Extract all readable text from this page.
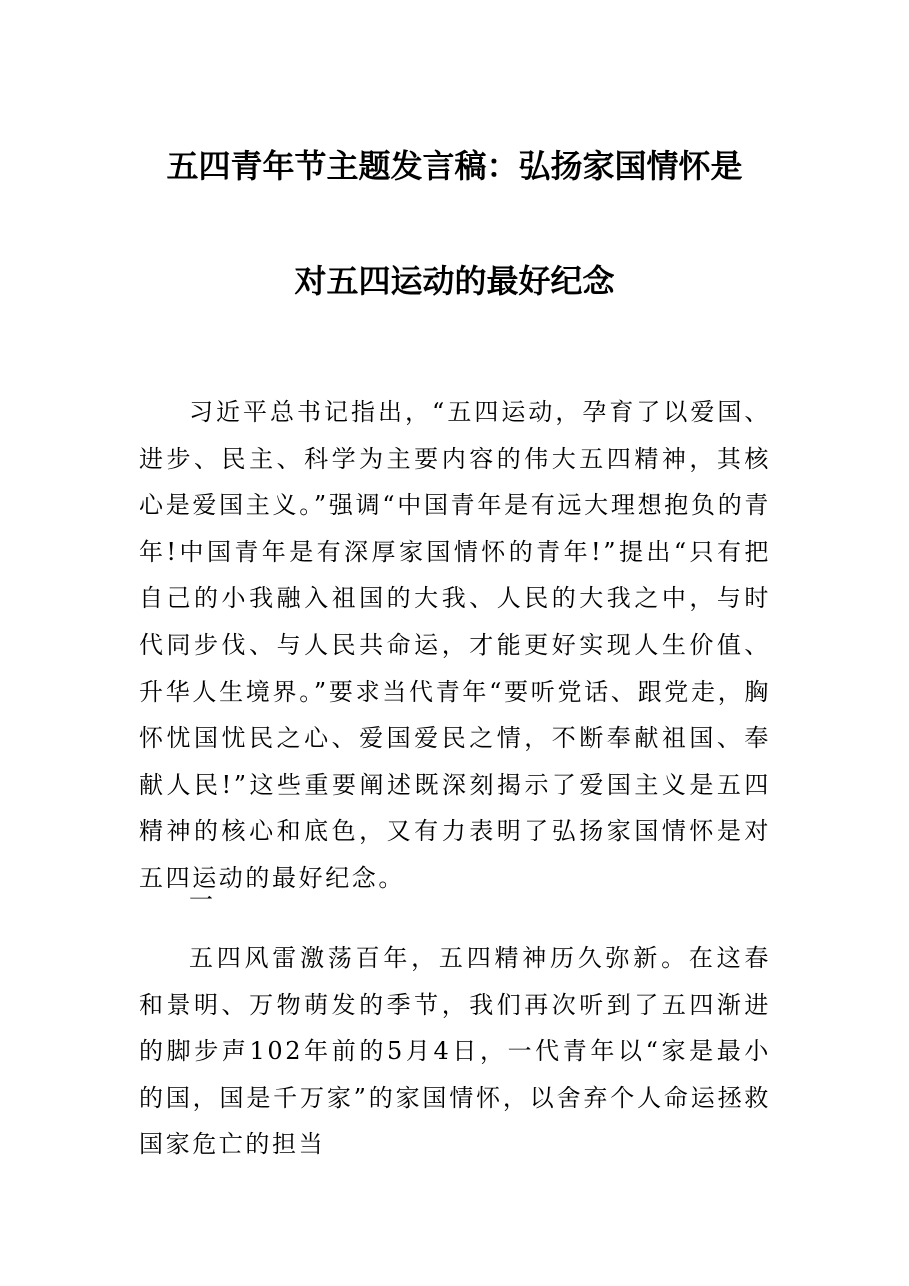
五四青年节主题发言稿：弘扬家国情怀是
对五四运动的最好纪念

习近平总书记指出，“五四运动，孕育了以爱国、进步、民主、科学为主要内容的伟大五四精神，其核心是爱国主义。”强调“中国青年是有远大理想抱负的青年!中国青年是有深厚家国情怀的青年!”提出“只有把自己的小我融入祖国的大我、人民的大我之中，与时代同步伐、与人民共命运，才能更好实现人生价值、升华人生境界。”要求当代青年“要听党话、跟党走，胸怀忧国忧民之心、爱国爱民之情，不断奉献祖国、奉献人民!”这些重要阐述既深刻揭示了爱国主义是五四精神的核心和底色，又有力表明了弘扬家国情怀是对五四运动的最好纪念。

一

五四风雷激荡百年，五四精神历久弥新。在这春和景明、万物萌发的季节，我们再次听到了五四渐进的脚步声102年前的5月4日，一代青年以“家是最小的国，国是千万家”的家国情怀，以舍弃个人命运拯救国家危亡的担当
